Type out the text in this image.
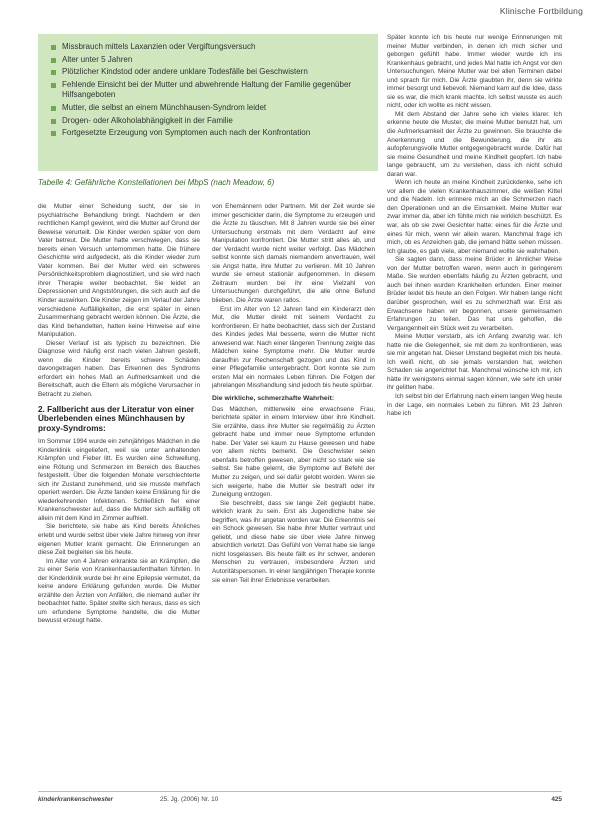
Klinische Fortbildung
Missbrauch mittels Laxanzien oder Vergiftungsversuch
Alter unter 5 Jahren
Plötzlicher Kindstod oder andere unklare Todesfälle bei Geschwistern
Fehlende Einsicht bei der Mutter und abwehrende Haltung der Familie gegenüber Hilfsangeboten
Mutter, die selbst an einem Münchhausen-Syndrom leidet
Drogen- oder Alkoholabhängigkeit in der Familie
Fortgesetzte Erzeugung von Symptomen auch nach der Konfrontation
Tabelle 4: Gefährliche Konstellationen bei MbpS (nach Meadow, 6)

die Mutter einer Scheidung sucht, der sie in psychiatrische Behandlung bringt. Nachdem er den rechtlichen Kampf gewinnt, wird die Mutter auf Grund der Beweise verurteilt. Die Kinder werden später von dem Vater betreut. Die Mutter hatte verschwiegen, dass sie bereits einen Versuch unternommen hatte. Die frühere Geschichte wird aufgedeckt, als die Kinder wieder zum Vater kommen. Bei der Mutter wird ein schweres Persönlichkeitsproblem diagnostiziert, und sie wird nach ihrer Therapie weiter beobachtet. Sie leidet an Depressionen und Angststörungen, die sich auch auf die Kinder auswirken. Die Kinder zeigen im Verlauf der Jahre verschiedene Auffälligkeiten, die erst später in einen Zusammenhang gebracht werden können. Die Ärzte, die das Kind behandelten, hatten keine Hinweise auf eine Manipulation.

Dieser Verlauf ist als typisch zu bezeichnen. Die Diagnose wird häufig erst nach vielen Jahren gestellt, wenn die Kinder bereits schwere Schäden davongetragen haben. Das Erkennen des Syndroms erfordert ein hohes Maß an Aufmerksamkeit und die Bereitschaft, auch die Eltern als mögliche Verursacher in Betracht zu ziehen.

2. Fallbericht aus der Literatur von einer Überlebenden eines Münchhausen by proxy-Syndroms:

Im Sommer 1994 wurde ein zehnjähriges Mädchen in die Kinderklinik eingeliefert, weil sie unter anhaltenden Krämpfen und Fieber litt. Es wurden eine Schwellung, eine Rötung und Schmerzen im Bereich des Bauches festgestellt. Über die folgenden Monate verschlechterte sich ihr Zustand zunehmend, und sie musste mehrfach operiert werden. Die Ärzte fanden keine Erklärung für die wiederkehrenden Infektionen. Schließlich fiel einer Krankenschwester auf, dass die Mutter sich auffällig oft allein mit dem Kind im Zimmer aufhielt.

Sie berichtete, sie habe als Kind bereits Ähnliches erlebt und wurde selbst über viele Jahre hinweg von ihrer eigenen Mutter krank gemacht. Die Erinnerungen an diese Zeit begleiten sie bis heute.

Im Alter von 4 Jahren erkrankte sie an Krämpfen, die zu einer Serie von Krankenhausaufenthalten führten. In der Kinderklinik wurde bei ihr eine Epilepsie vermutet, da keine andere Erklärung gefunden wurde. Die Mutter erzählte den Ärzten von Anfällen, die niemand außer ihr beobachtet hatte. Später stellte sich heraus, dass es sich um erfundene Symptome handelte, die die Mutter bewusst erzeugt hatte.

von Ehemännern oder Partnern. Mit der Zeit wurde sie immer geschickter darin, die Symptome zu erzeugen und die Ärzte zu täuschen. Mit 8 Jahren wurde sie bei einer Untersuchung erstmals mit dem Verdacht auf eine Manipulation konfrontiert. Die Mutter stritt alles ab, und der Verdacht wurde nicht weiter verfolgt. Das Mädchen selbst konnte sich damals niemandem anvertrauen, weil sie Angst hatte, ihre Mutter zu verlieren. Mit 10 Jahren wurde sie erneut stationär aufgenommen. In diesem Zeitraum wurden bei ihr eine Vielzahl von Untersuchungen durchgeführt, die alle ohne Befund blieben. Die Ärzte waren ratlos.

Erst im Alter von 12 Jahren fand ein Kinderarzt den Mut, die Mutter direkt mit seinem Verdacht zu konfrontieren. Er hatte beobachtet, dass sich der Zustand des Kindes jedes Mal besserte, wenn die Mutter nicht anwesend war. Nach einer längeren Trennung zeigte das Mädchen keine Symptome mehr. Die Mutter wurde daraufhin zur Rechenschaft gezogen und das Kind in einer Pflegefamilie untergebracht. Dort konnte sie zum ersten Mal ein normales Leben führen. Die Folgen der jahrelangen Misshandlung sind jedoch bis heute spürbar.

Die wirkliche, schmerzhafte Wahrheit:

Das Mädchen, mittlerweile eine erwachsene Frau, berichtete später in einem Interview über ihre Kindheit. Sie erzählte, dass ihre Mutter sie regelmäßig zu Ärzten gebracht habe und immer neue Symptome erfunden habe. Der Vater sei kaum zu Hause gewesen und habe von allem nichts bemerkt. Die Geschwister seien ebenfalls betroffen gewesen, aber nicht so stark wie sie selbst. Sie habe gelernt, die Symptome auf Befehl der Mutter zu zeigen, und sei dafür gelobt worden. Wenn sie sich weigerte, habe die Mutter sie bestraft oder ihr Zuneigung entzogen.

Sie beschreibt, dass sie lange Zeit geglaubt habe, wirklich krank zu sein. Erst als Jugendliche habe sie begriffen, was ihr angetan worden war. Die Erkenntnis sei ein Schock gewesen. Sie habe ihrer Mutter vertraut und geliebt, und diese habe sie über viele Jahre hinweg absichtlich verletzt. Das Gefühl von Verrat habe sie lange nicht losgelassen. Bis heute fällt es ihr schwer, anderen Menschen zu vertrauen, insbesondere Ärzten und Autoritätspersonen. In einer langjährigen Therapie konnte sie einen Teil ihrer Erlebnisse verarbeiten.

Später konnte ich bis heute nur wenige Erinnerungen mit meiner Mutter verbinden, in denen ich mich sicher und geborgen gefühlt habe. Immer wieder wurde ich ins Krankenhaus gebracht, und jedes Mal hatte ich Angst vor den Untersuchungen. Meine Mutter war bei allen Terminen dabei und sprach für mich. Die Ärzte glaubten ihr, denn sie wirkte immer besorgt und liebevoll. Niemand kam auf die Idee, dass sie es war, die mich krank machte. Ich selbst wusste es auch nicht, oder ich wollte es nicht wissen.

Mit dem Abstand der Jahre sehe ich vieles klarer. Ich erkenne heute die Muster, die meine Mutter benutzt hat, um die Aufmerksamkeit der Ärzte zu gewinnen. Sie brauchte die Anerkennung und die Bewunderung, die ihr als aufopferungsvolle Mutter entgegengebracht wurde. Dafür hat sie meine Gesundheit und meine Kindheit geopfert. Ich habe lange gebraucht, um zu verstehen, dass ich nicht schuld daran war.

Wenn ich heute an meine Kindheit zurückdenke, sehe ich vor allem die vielen Krankenhauszimmer, die weißen Kittel und die Nadeln. Ich erinnere mich an die Schmerzen nach den Operationen und an die Einsamkeit. Meine Mutter war zwar immer da, aber ich fühlte mich nie wirklich beschützt. Es war, als ob sie zwei Gesichter hatte: eines für die Ärzte und eines für mich, wenn wir allein waren. Manchmal frage ich mich, ob es Anzeichen gab, die jemand hätte sehen müssen. Ich glaube, es gab viele, aber niemand wollte sie wahrhaben.

Sie sagten dann, dass meine Brüder in ähnlicher Weise von der Mutter betroffen waren, wenn auch in geringerem Maße. Sie wurden ebenfalls häufig zu Ärzten gebracht, und auch bei ihnen wurden Krankheiten erfunden. Einer meiner Brüder leidet bis heute an den Folgen. Wir haben lange nicht darüber gesprochen, weil es zu schmerzhaft war. Erst als Erwachsene haben wir begonnen, unsere gemeinsamen Erfahrungen zu teilen. Das hat uns geholfen, die Vergangenheit ein Stück weit zu verarbeiten.

Meine Mutter verstarb, als ich Anfang zwanzig war. Ich hatte nie die Gelegenheit, sie mit dem zu konfrontieren, was sie mir angetan hat. Dieser Umstand begleitet mich bis heute. Ich weiß nicht, ob sie jemals verstanden hat, welchen Schaden sie angerichtet hat. Manchmal wünsche ich mir, ich hätte ihr wenigstens einmal sagen können, wie sehr ich unter ihr gelitten habe.

Ich selbst bin der Erfahrung nach einem langen Weg heute in der Lage, ein normales Leben zu führen. Mit 23 Jahren habe ich

kinderkrankenschwester	25. Jg. (2006) Nr. 10	425
